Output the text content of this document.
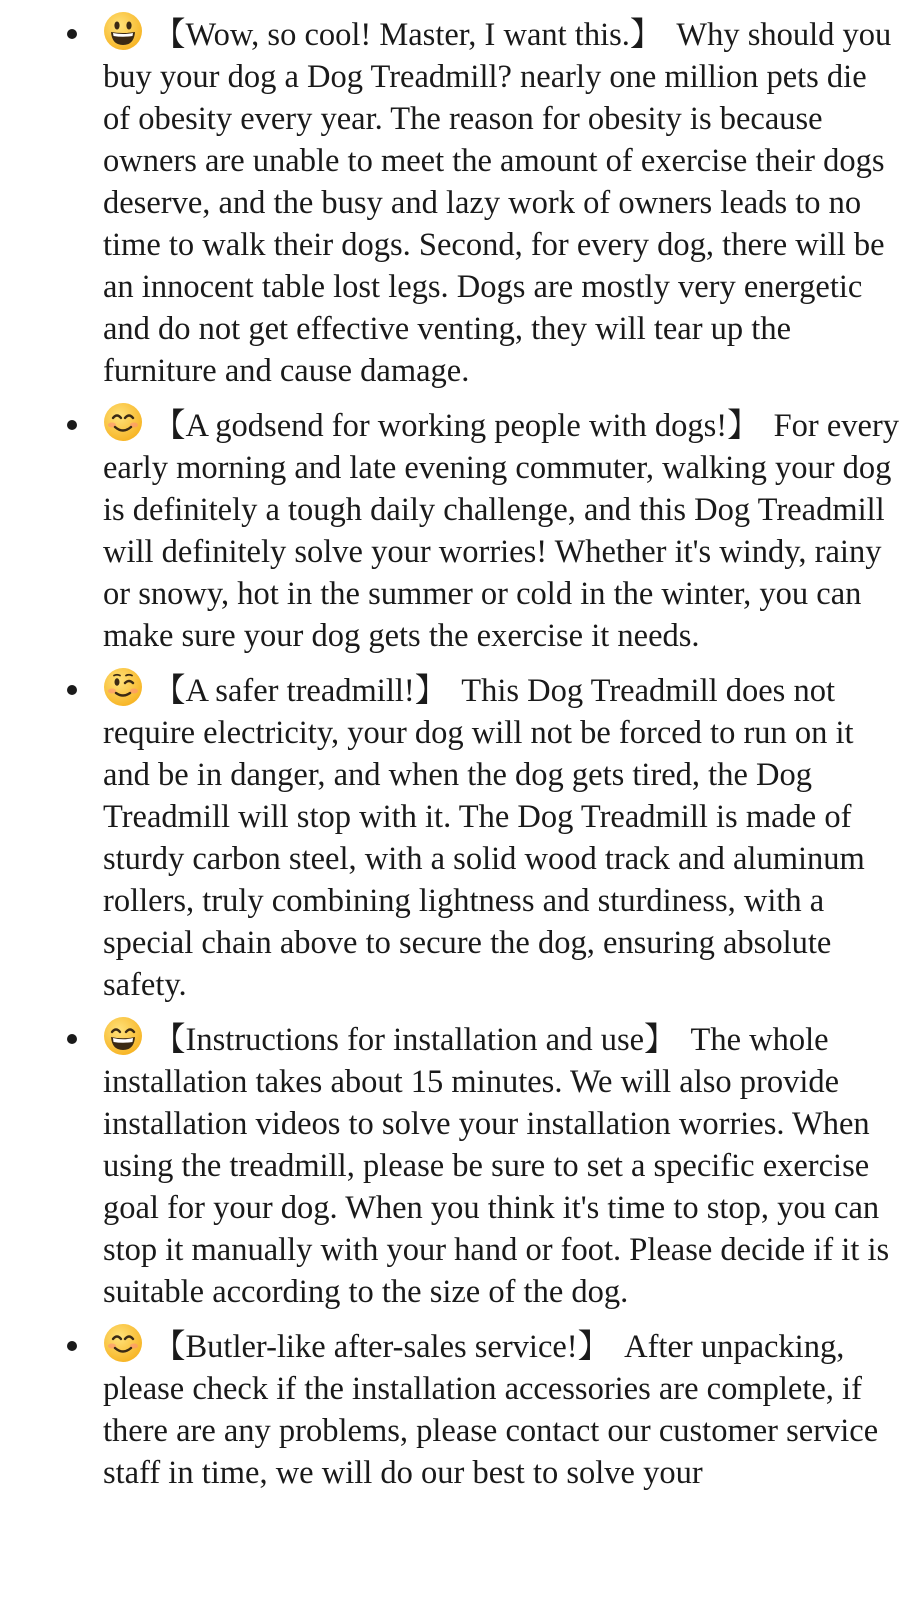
【Wow, so cool! Master, I want this.】 Why should you buy your dog a Dog Treadmill? nearly one million pets die of obesity every year. The reason for obesity is because owners are unable to meet the amount of exercise their dogs deserve, and the busy and lazy work of owners leads to no time to walk their dogs. Second, for every dog, there will be an innocent table lost legs. Dogs are mostly very energetic and do not get effective venting, they will tear up the furniture and cause damage.
【A godsend for working people with dogs!】 For every early morning and late evening commuter, walking your dog is definitely a tough daily challenge, and this Dog Treadmill will definitely solve your worries! Whether it's windy, rainy or snowy, hot in the summer or cold in the winter, you can make sure your dog gets the exercise it needs.
【A safer treadmill!】 This Dog Treadmill does not require electricity, your dog will not be forced to run on it and be in danger, and when the dog gets tired, the Dog Treadmill will stop with it. The Dog Treadmill is made of sturdy carbon steel, with a solid wood track and aluminum rollers, truly combining lightness and sturdiness, with a special chain above to secure the dog, ensuring absolute safety.
【Instructions for installation and use】 The whole installation takes about 15 minutes. We will also provide installation videos to solve your installation worries. When using the treadmill, please be sure to set a specific exercise goal for your dog. When you think it's time to stop, you can stop it manually with your hand or foot. Please decide if it is suitable according to the size of the dog.
【Butler-like after-sales service!】 After unpacking, please check if the installation accessories are complete, if there are any problems, please contact our customer service staff in time, we will do our best to solve your
